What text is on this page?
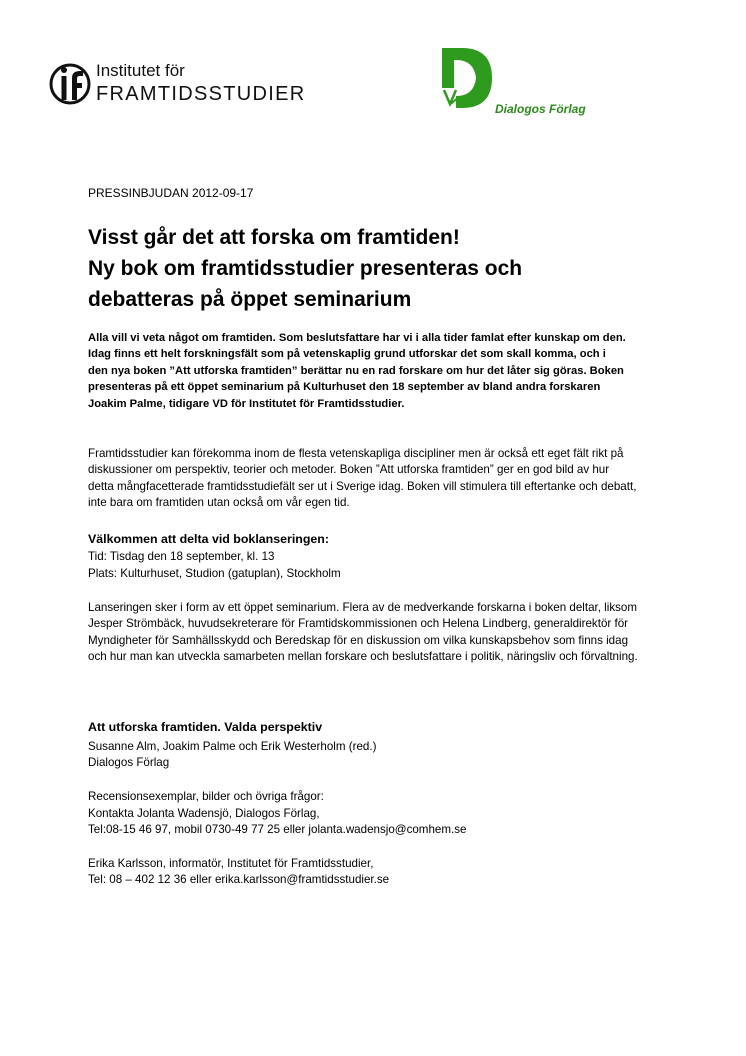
Institutet för
FRAMTIDSSTUDIER
Dialogos Förlag
PRESSINBJUDAN 2012-09-17
Visst går det att forska om framtiden!
Ny bok om framtidsstudier presenteras och
debatteras på öppet seminarium

Alla vill vi veta något om framtiden. Som beslutsfattare har vi i alla tider famlat efter kunskap om den. Idag finns ett helt forskningsfält som på vetenskaplig grund utforskar det som skall komma, och i den nya boken ”Att utforska framtiden” berättar nu en rad forskare om hur det låter sig göras. Boken presenteras på ett öppet seminarium på Kulturhuset den 18 september av bland andra forskaren Joakim Palme, tidigare VD för Institutet för Framtidsstudier.

Framtidsstudier kan förekomma inom de flesta vetenskapliga discipliner men är också ett eget fält rikt på diskussioner om perspektiv, teorier och metoder. Boken ”Att utforska framtiden” ger en god bild av hur detta mångfacetterade framtidsstudiefält ser ut i Sverige idag. Boken vill stimulera till eftertanke och debatt, inte bara om framtiden utan också om vår egen tid.

Välkommen att delta vid boklanseringen:

Tid: Tisdag den 18 september, kl. 13

Plats: Kulturhuset, Studion (gatuplan), Stockholm

Lanseringen sker i form av ett öppet seminarium. Flera av de medverkande forskarna i boken deltar, liksom Jesper Strömbäck, huvudsekreterare för Framtidskommissionen och Helena Lindberg, generaldirektör för Myndigheter för Samhällsskydd och Beredskap för en diskussion om vilka kunskapsbehov som finns idag och hur man kan utveckla samarbeten mellan forskare och beslutsfattare i politik, näringsliv och förvaltning.

Att utforska framtiden. Valda perspektiv

Susanne Alm, Joakim Palme och Erik Westerholm (red.)

Dialogos Förlag

Recensionsexemplar, bilder och övriga frågor:

Kontakta Jolanta Wadensjö, Dialogos Förlag,

Tel:08-15 46 97, mobil 0730-49 77 25 eller jolanta.wadensjo@comhem.se

Erika Karlsson, informatör, Institutet för Framtidsstudier,

Tel: 08 – 402 12 36 eller erika.karlsson@framtidsstudier.se
